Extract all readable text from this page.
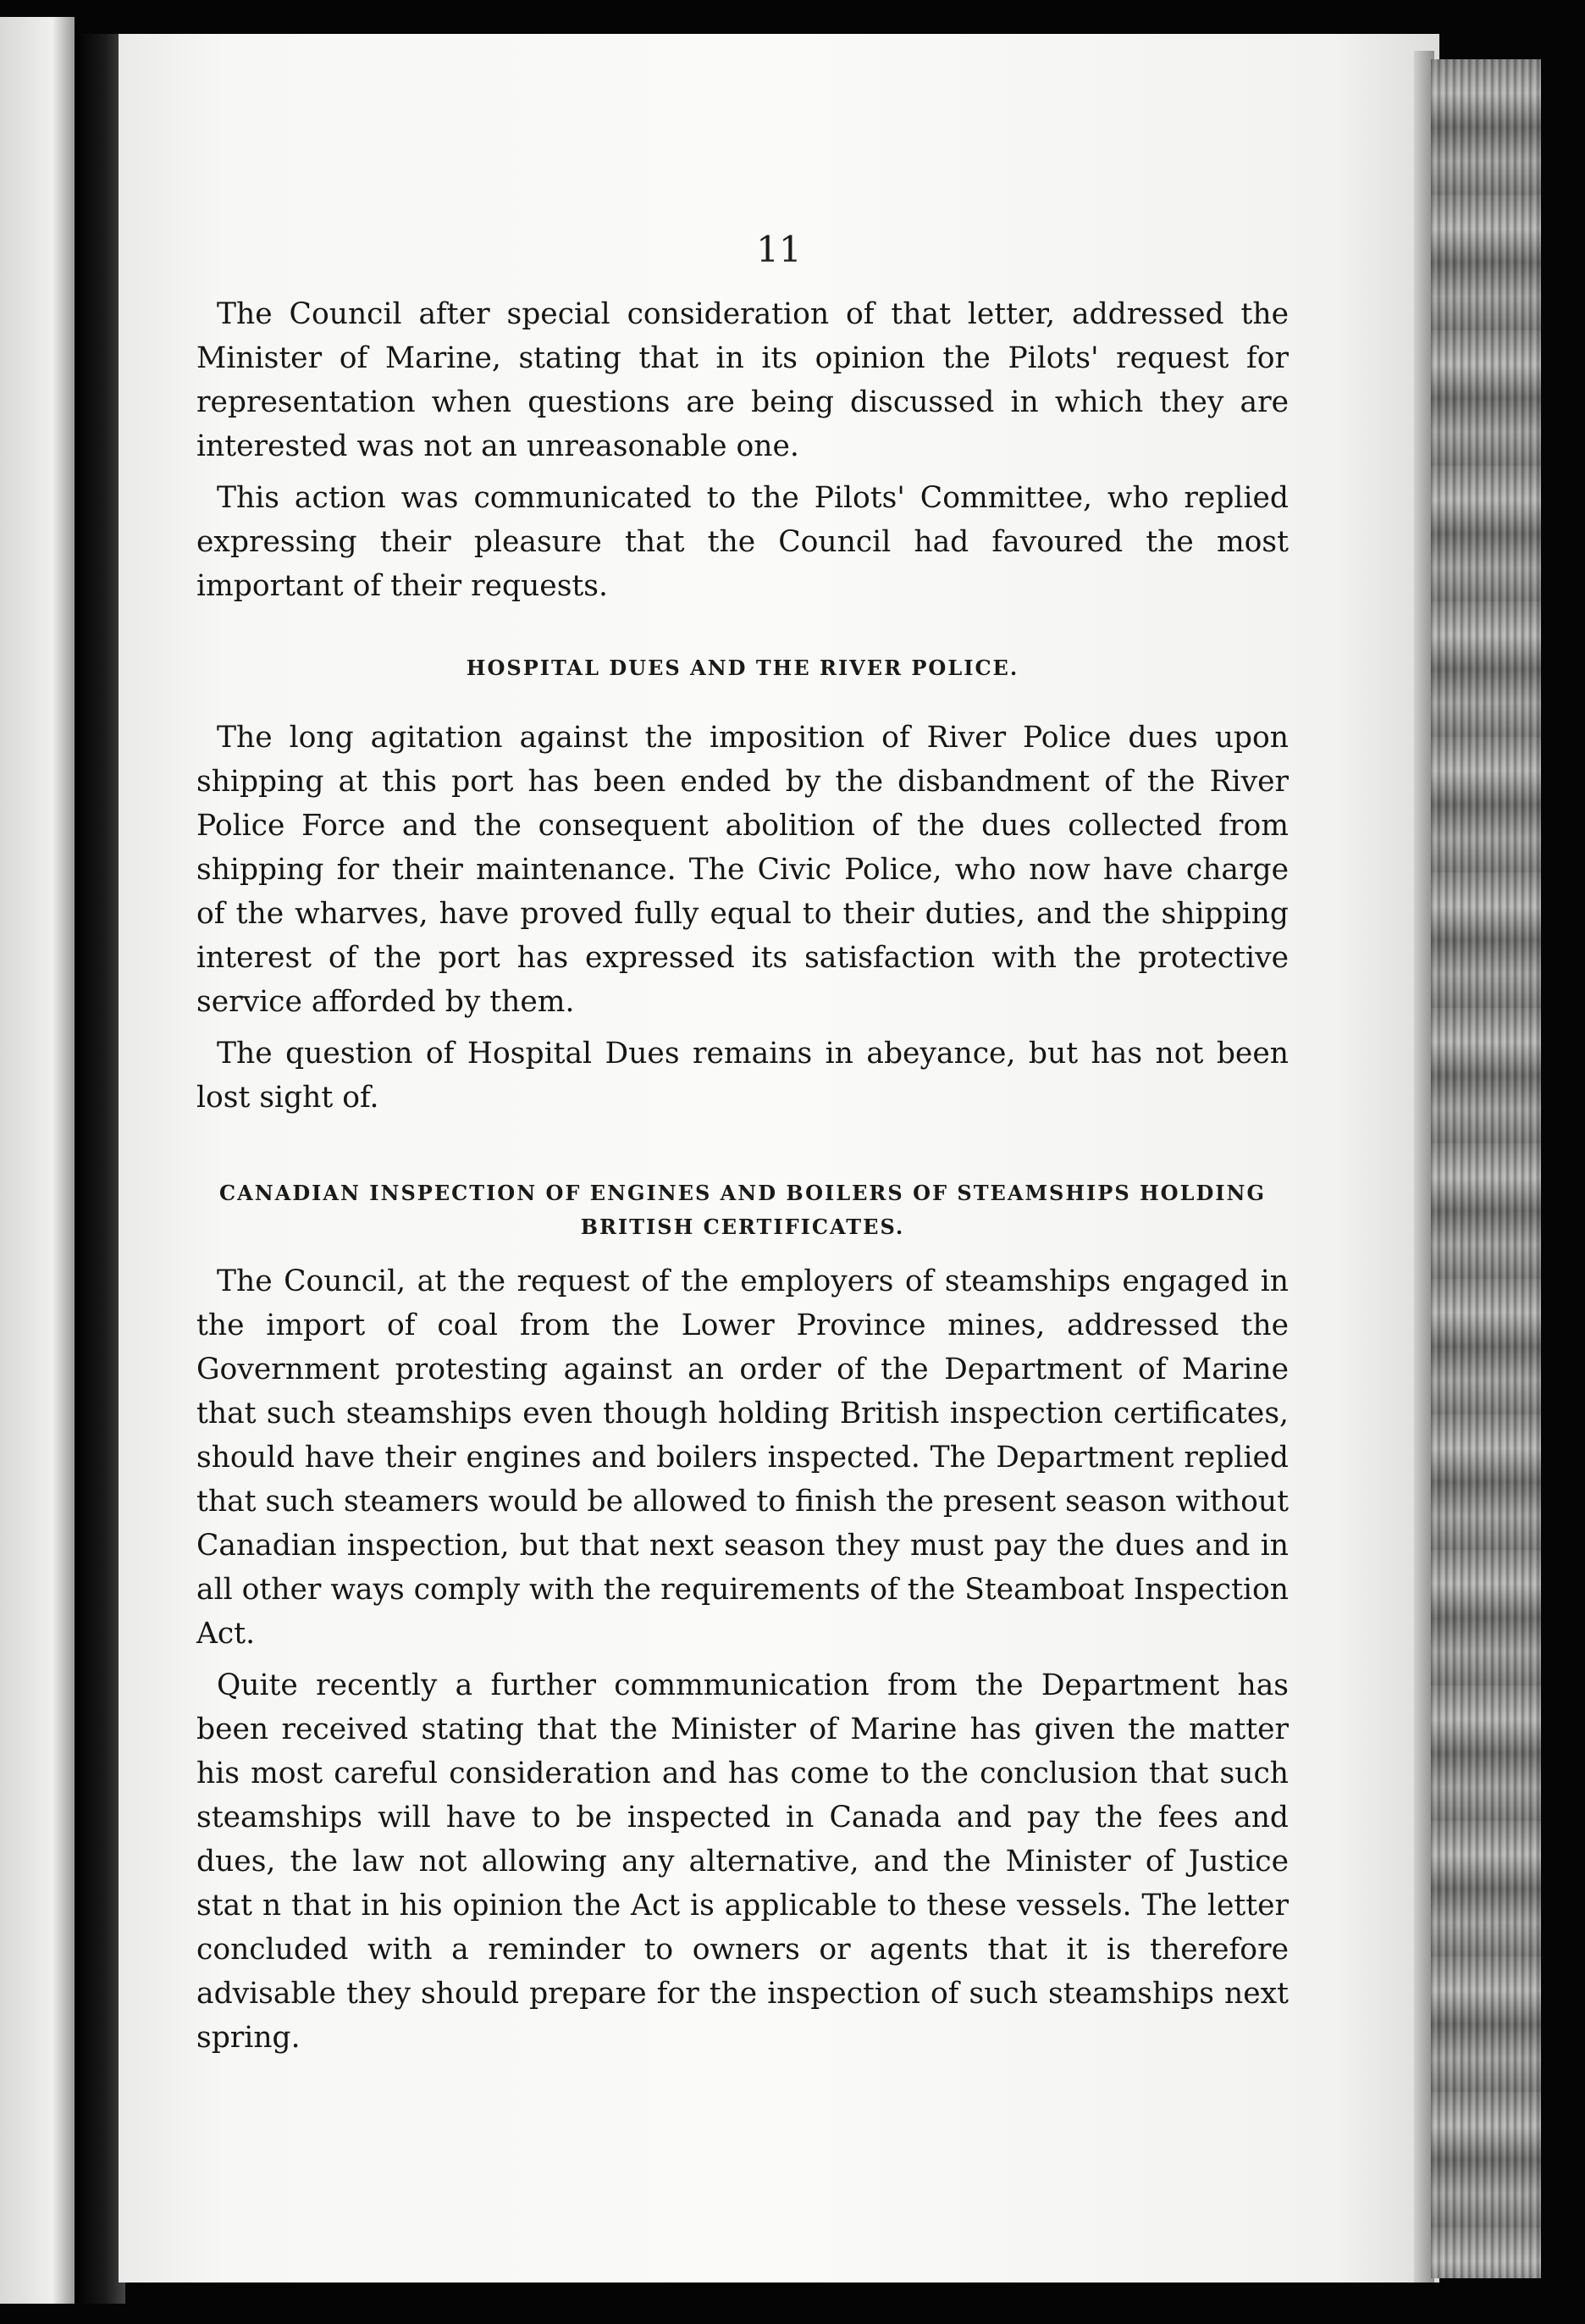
11

The Council after special consideration of that letter, addressed the Minister of Marine, stating that in its opinion the Pilots' request for representation when questions are being discussed in which they are interested was not an unreasonable one.

This action was communicated to the Pilots' Committee, who replied expressing their pleasure that the Council had favoured the most important of their requests.

HOSPITAL DUES AND THE RIVER POLICE.

The long agitation against the imposition of River Police dues upon shipping at this port has been ended by the disbandment of the River Police Force and the consequent abolition of the dues collected from shipping for their maintenance. The Civic Police, who now have charge of the wharves, have proved fully equal to their duties, and the shipping interest of the port has expressed its satisfaction with the protective service afforded by them.

The question of Hospital Dues remains in abeyance, but has not been lost sight of.

CANADIAN INSPECTION OF ENGINES AND BOILERS OF STEAMSHIPS HOLDING
BRITISH CERTIFICATES.

The Council, at the request of the employers of steamships engaged in the import of coal from the Lower Province mines, addressed the Government protesting against an order of the Department of Marine that such steamships even though holding British inspection certificates, should have their engines and boilers inspected. The Department replied that such steamers would be allowed to finish the present season without Canadian inspection, but that next season they must pay the dues and in all other ways comply with the requirements of the Steamboat Inspection Act.

Quite recently a further commmunication from the Department has been received stating that the Minister of Marine has given the matter his most careful consideration and has come to the conclusion that such steamships will have to be inspected in Canada and pay the fees and dues, the law not allowing any alternative, and the Minister of Justice stat n that in his opinion the Act is applicable to these vessels. The letter concluded with a reminder to owners or agents that it is therefore advisable they should prepare for the inspection of such steamships next spring.
